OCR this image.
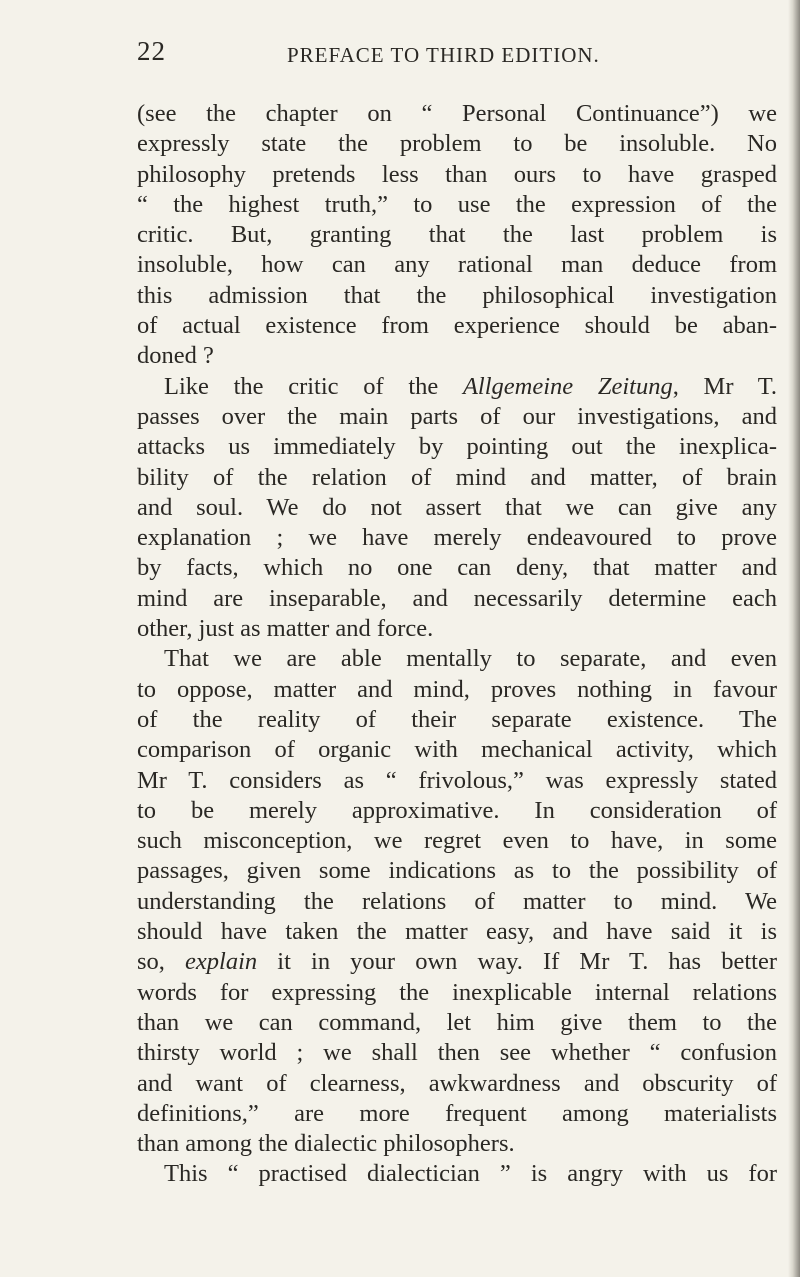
22	PREFACE TO THIRD EDITION.
(see the chapter on “ Personal Continuance”) we
expressly state the problem to be insoluble. No
philosophy pretends less than ours to have grasped
“ the highest truth,” to use the expression of the
critic. But, granting that the last problem is
insoluble, how can any rational man deduce from
this admission that the philosophical investigation
of actual existence from experience should be aban-
doned ?
Like the critic of the Allgemeine Zeitung, Mr T.
passes over the main parts of our investigations, and
attacks us immediately by pointing out the inexplica-
bility of the relation of mind and matter, of brain
and soul. We do not assert that we can give any
explanation ; we have merely endeavoured to prove
by facts, which no one can deny, that matter and
mind are inseparable, and necessarily determine each
other, just as matter and force.
That we are able mentally to separate, and even
to oppose, matter and mind, proves nothing in favour
of the reality of their separate existence. The
comparison of organic with mechanical activity, which
Mr T. considers as “ frivolous,” was expressly stated
to be merely approximative. In consideration of
such misconception, we regret even to have, in some
passages, given some indications as to the possibility of
understanding the relations of matter to mind. We
should have taken the matter easy, and have said it is
so, explain it in your own way. If Mr T. has better
words for expressing the inexplicable internal relations
than we can command, let him give them to the
thirsty world ; we shall then see whether “ confusion
and want of clearness, awkwardness and obscurity of
definitions,” are more frequent among materialists
than among the dialectic philosophers.
This “ practised dialectician ” is angry with us for
